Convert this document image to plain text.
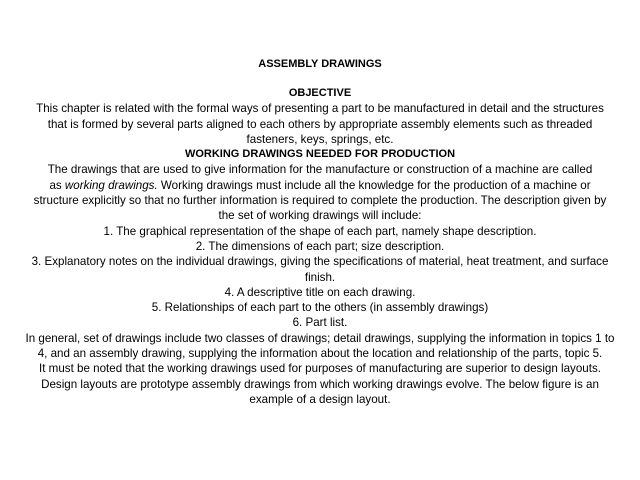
ASSEMBLY DRAWINGS
OBJECTIVE
This chapter is related with the formal ways of presenting a part to be manufactured in detail and the structures
that is formed by several parts aligned to each others by appropriate assembly elements such as threaded
fasteners, keys, springs, etc.
WORKING DRAWINGS NEEDED FOR PRODUCTION
The drawings that are used to give information for the manufacture or construction of a machine are called
as working drawings. Working drawings must include all the knowledge for the production of a machine or
structure explicitly so that no further information is required to complete the production. The description given by
the set of working drawings will include:
1. The graphical representation of the shape of each part, namely shape description.
2. The dimensions of each part; size description.
3. Explanatory notes on the individual drawings, giving the specifications of material, heat treatment, and surface
finish.
4. A descriptive title on each drawing.
5. Relationships of each part to the others (in assembly drawings)
6. Part list.
In general, set of drawings include two classes of drawings; detail drawings, supplying the information in topics 1 to
4, and an assembly drawing, supplying the information about the location and relationship of the parts, topic 5.
It must be noted that the working drawings used for purposes of manufacturing are superior to design layouts.
Design layouts are prototype assembly drawings from which working drawings evolve. The below figure is an
example of a design layout.
